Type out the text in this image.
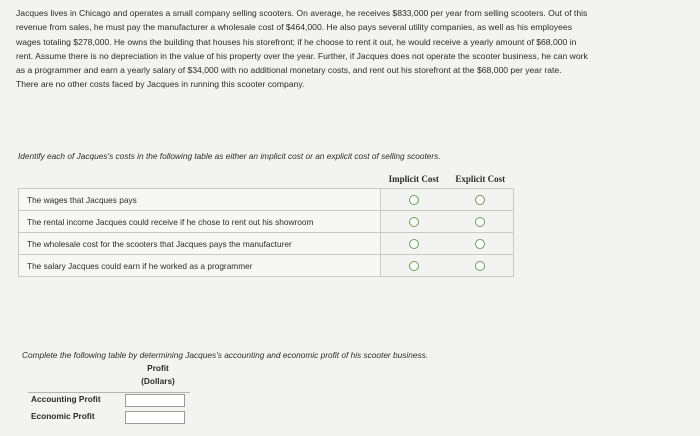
Jacques lives in Chicago and operates a small company selling scooters. On average, he receives $833,000 per year from selling scooters. Out of this

revenue from sales, he must pay the manufacturer a wholesale cost of $464,000. He also pays several utility companies, as well as his employees

wages totaling $278,000. He owns the building that houses his storefront; if he choose to rent it out, he would receive a yearly amount of $68,000 in

rent. Assume there is no depreciation in the value of his property over the year. Further, if Jacques does not operate the scooter business, he can work

as a programmer and earn a yearly salary of $34,000 with no additional monetary costs, and rent out his storefront at the $68,000 per year rate.

There are no other costs faced by Jacques in running this scooter company.

Identify each of Jacques's costs in the following table as either an implicit cost or an explicit cost of selling scooters.
	Implicit Cost	Explicit Cost
The wages that Jacques pays		
The rental income Jacques could receive if he chose to rent out his showroom		
The wholesale cost for the scooters that Jacques pays the manufacturer		
The salary Jacques could earn if he worked as a programmer		
Complete the following table by determining Jacques's accounting and economic profit of his scooter business.
Profit
(Dollars)
Accounting Profit
Economic Profit
